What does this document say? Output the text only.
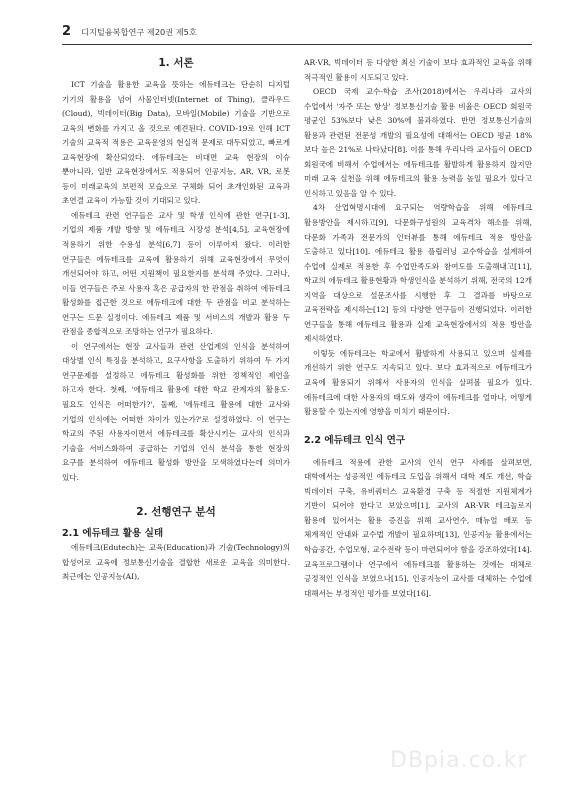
2 디지털융복합연구 제20권 제5호
1. 서론

ICT 기술을 활용한 교육을 뜻하는 에듀테크는 단순히 디지털 기기의 활용을 넘어 사물인터넷(Internet of Thing), 클라우드(Cloud), 빅데이터(Big Data), 모바일(Mobile) 기술을 기반으로 교육의 변화를 가지고 올 것으로 예견된다. COVID-19로 인해 ICT 기술의 교육적 적용은 교육운영의 현실적 문제로 대두되었고, 빠르게 교육현장에 확산되었다. 에듀테크는 비대면 교육 현장의 이슈 뿐아니라, 일반 교육현장에서도 적용되어 인공지능, AR, VR, 로봇 등이 미래교육의 보편적 모습으로 구체화 되어 초개인화된 교육과 초연결 교육이 가능할 것이 기대되고 있다.

에듀테크 관련 연구들은 교사 및 학생 인식에 관한 연구[1-3], 기업의 제품 개발 방향 및 에듀테크 시장성 분석[4,5], 교육현장에 적용하기 위한 수용성 분석[6,7] 등이 이루어져 왔다. 이러한 연구들은 에듀테크를 교육에 활용하기 위해 교육현장에서 무엇이 개선되어야 하고, 어떤 지원책이 필요한지를 분석해 주었다. 그러나, 이들 연구들은 주로 사용자 혹은 공급자의 한 관점을 취하여 에듀테크 활성화를 접근한 것으로 에듀테크에 대한 두 관점을 비교 분석하는 연구는 드문 실정이다. 에듀테크 제품 및 서비스의 개발과 활용 두 관점을 종합적으로 조망하는 연구가 필요하다.

이 연구에서는 현장 교사들과 관련 산업계의 인식을 분석하여 대상별 인식 특징을 분석하고, 요구사항을 도출하기 위하여 두 가지 연구문제를 설정하고 에듀테크 활성화를 위한 정책적인 제언을 하고자 한다. 첫째, '에듀테크 활용에 대한 학교 관계자의 활용도· 필요도 인식은 어떠한가?', 둘째, '에듀테크 활용에 대한 교사와 기업의 인식에는 어떠한 차이가 있는가?'로 설정하였다. 이 연구는 학교의 주된 사용자이면서 에듀테크를 확산시키는 교사의 인식과 기술을 서비스화하여 공급하는 기업의 인식 분석을 통한 현장의 요구를 분석하여 에듀테크 활성화 방안을 모색하였다는데 의미가 있다.

2. 선행연구 분석
2.1 에듀테크 활용 실태

에듀테크(Edutech)는 교육(Education)과 기술(Technology)의 합성어로 교육에 정보통신기술을 결합한 새로운 교육을 의미한다. 최근에는 인공지능(AI),

AR·VR, 빅데이터 등 다양한 최신 기술이 보다 효과적인 교육을 위해 적극적인 활용이 시도되고 있다.

OECD 국제 교수-학습 조사(2018)에서는 우리나라 교사의 수업에서 '자주 또는 항상' 정보통신기술 활용 비율은 OECD 회원국 평균인 53%보다 낮은 30%에 불과하였다. 반면 정보통신기술의 활용과 관련된 전문성 개발의 필요성에 대해서는 OECD 평균 18%보다 높은 21%로 나타났다[8]. 이를 통해 우리나라 교사들이 OECD 회원국에 비해서 수업에서는 에듀테크를 활발하게 활용하지 않지만 미래 교육 실천을 위해 에듀테크의 활용 능력을 높일 필요가 있다고 인식하고 있음을 알 수 있다.

4차 산업혁명시대에 요구되는 역량학습을 위해 에듀테크 활용방안을 제시하고[9], 다문화구성원의 교육격차 해소를 위해, 다문화 가족과 전문가의 인터뷰를 통해 에듀테크 적용 방안을 도출하고 있다[10]. 에듀테크 활용 플립러닝 교수학습을 설계하여 수업에 실제로 적용한 후 수업만족도와 참여도를 도출해내고[11], 학교의 에듀테크 활용현황과 학생인식을 분석하기 위해, 전국의 12개 지역을 대상으로 설문조사를 시행한 후 그 결과를 바탕으로 교육전략을 제시하는[12] 등의 다양한 연구들이 진행되었다. 이러한 연구들을 통해 에듀테크 활용과 실제 교육현장에서의 적용 방안을 제시하였다.

이렇듯 에듀테크는 학교에서 활발하게 사용되고 있으며 실제를 개선하기 위한 연구도 지속되고 있다. 보다 효과적으로 에듀테크가 교육에 활용되기 위해서 사용자의 인식을 살펴볼 필요가 있다. 에듀테크에 대한 사용자의 태도와 생각이 에듀테크를 얼마나, 어떻게 활용할 수 있는지에 영향을 미치기 때문이다.

2.2 에듀테크 인식 연구

에듀테크 적용에 관한 교사의 인식 연구 사례를 살펴보면, 대학에서는 성공적인 에듀테크 도입을 위해서 대학 제도 개선, 학습 빅데이터 구축, 유비쿼터스 교육환경 구축 등 적절한 지원체계가 기반이 되어야 한다고 보았으며[1], 교사의 AR·VR 테크놀로지 활용에 있어서는 활용 증진을 위해 교사연수, 매뉴얼 배포 등 체계적인 안내와 교수법 개발이 필요하며[13], 인공지능 활용에서는 학습공간, 수업모형, 교수전략 등이 마련되어야 함을 강조하였다[14]. 교육프로그램이나 연구에서 에듀테크를 활용하는 것에는 대체로 긍정적인 인식을 보였으나[15], 인공지능이 교사를 대체하는 수업에 대해서는 부정적인 평가를 보였다[16].

DBpia.co.kr
